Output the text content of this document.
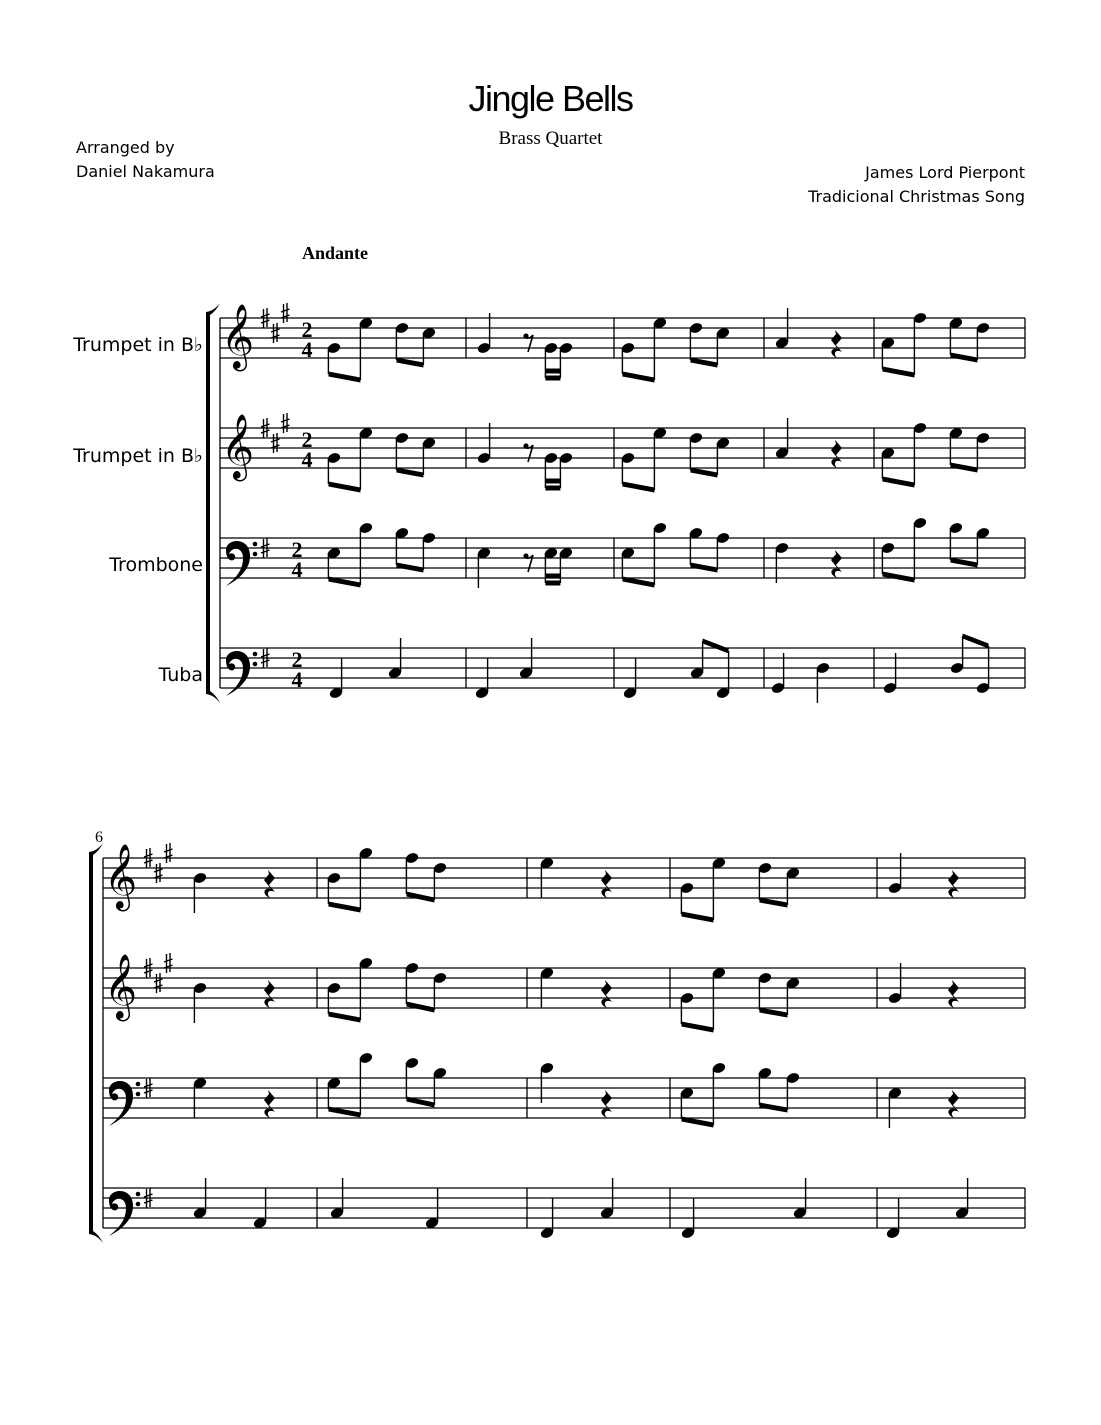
Jingle Bells
Brass Quartet
Arranged by
Daniel Nakamura	James Lord Pierpont
Tradicional Christmas Song
Andante
Trumpet in B♭
Trumpet in B♭
Trombone
Tuba
6
𝄞 2
4
𝄞 2
4
2
4
2
4
𝄞
𝄞
